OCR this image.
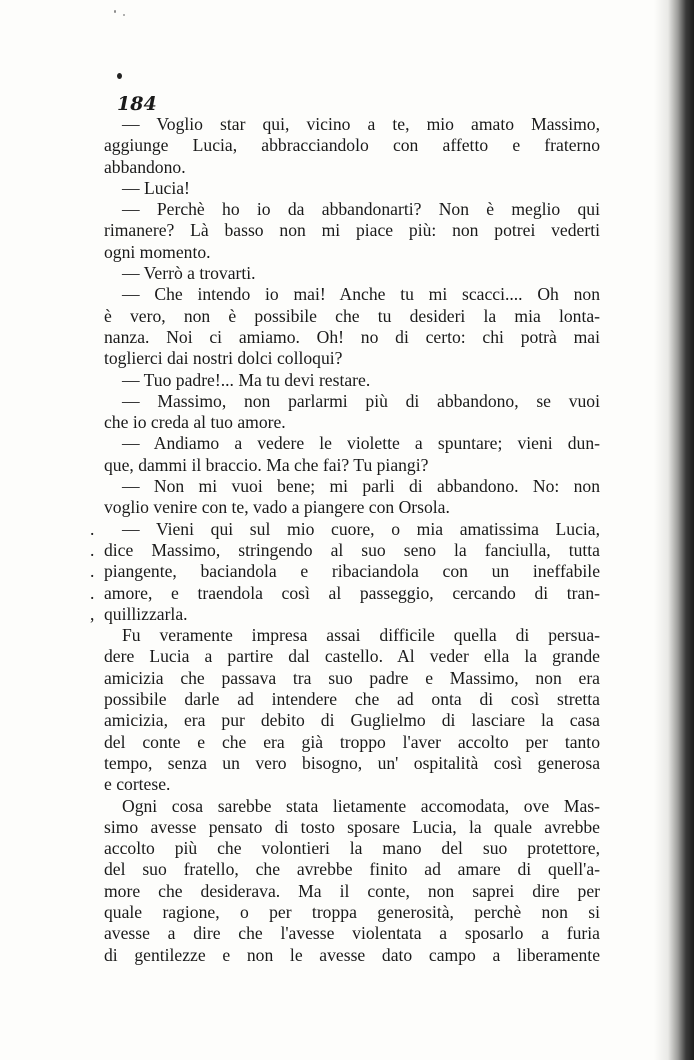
184
— Voglio star qui, vicino a te, mio amato Massimo,
aggiunge Lucia, abbracciandolo con affetto e fraterno
abbandono.
— Lucia!
— Perchè ho io da abbandonarti? Non è meglio qui
rimanere? Là basso non mi piace più: non potrei vederti
ogni momento.
— Verrò a trovarti.
— Che intendo io mai! Anche tu mi scacci.... Oh non
è vero, non è possibile che tu desideri la mia lonta-
nanza. Noi ci amiamo. Oh! no di certo: chi potrà mai
toglierci dai nostri dolci colloqui?
— Tuo padre!... Ma tu devi restare.
— Massimo, non parlarmi più di abbandono, se vuoi
che io creda al tuo amore.
— Andiamo a vedere le violette a spuntare; vieni dun-
que, dammi il braccio. Ma che fai? Tu piangi?
— Non mi vuoi bene; mi parli di abbandono. No: non
voglio venire con te, vado a piangere con Orsola.
. — Vieni qui sul mio cuore, o mia amatissima Lucia,
. dice Massimo, stringendo al suo seno la fanciulla, tutta
. piangente, baciandola e ribaciandola con un ineffabile
. amore, e traendola così al passeggio, cercando di tran-
, quillizzarla.
Fu veramente impresa assai difficile quella di persua-
dere Lucia a partire dal castello. Al veder ella la grande
amicizia che passava tra suo padre e Massimo, non era
possibile darle ad intendere che ad onta di così stretta
amicizia, era pur debito di Guglielmo di lasciare la casa
del conte e che era già troppo l'aver accolto per tanto
tempo, senza un vero bisogno, un' ospitalità così generosa
e cortese.
Ogni cosa sarebbe stata lietamente accomodata, ove Mas-
simo avesse pensato di tosto sposare Lucia, la quale avrebbe
accolto più che volontieri la mano del suo protettore,
del suo fratello, che avrebbe finito ad amare di quell'a-
more che desiderava. Ma il conte, non saprei dire per
quale ragione, o per troppa generosità, perchè non si
avesse a dire che l'avesse violentata a sposarlo a furia
di gentilezze e non le avesse dato campo a liberamente
